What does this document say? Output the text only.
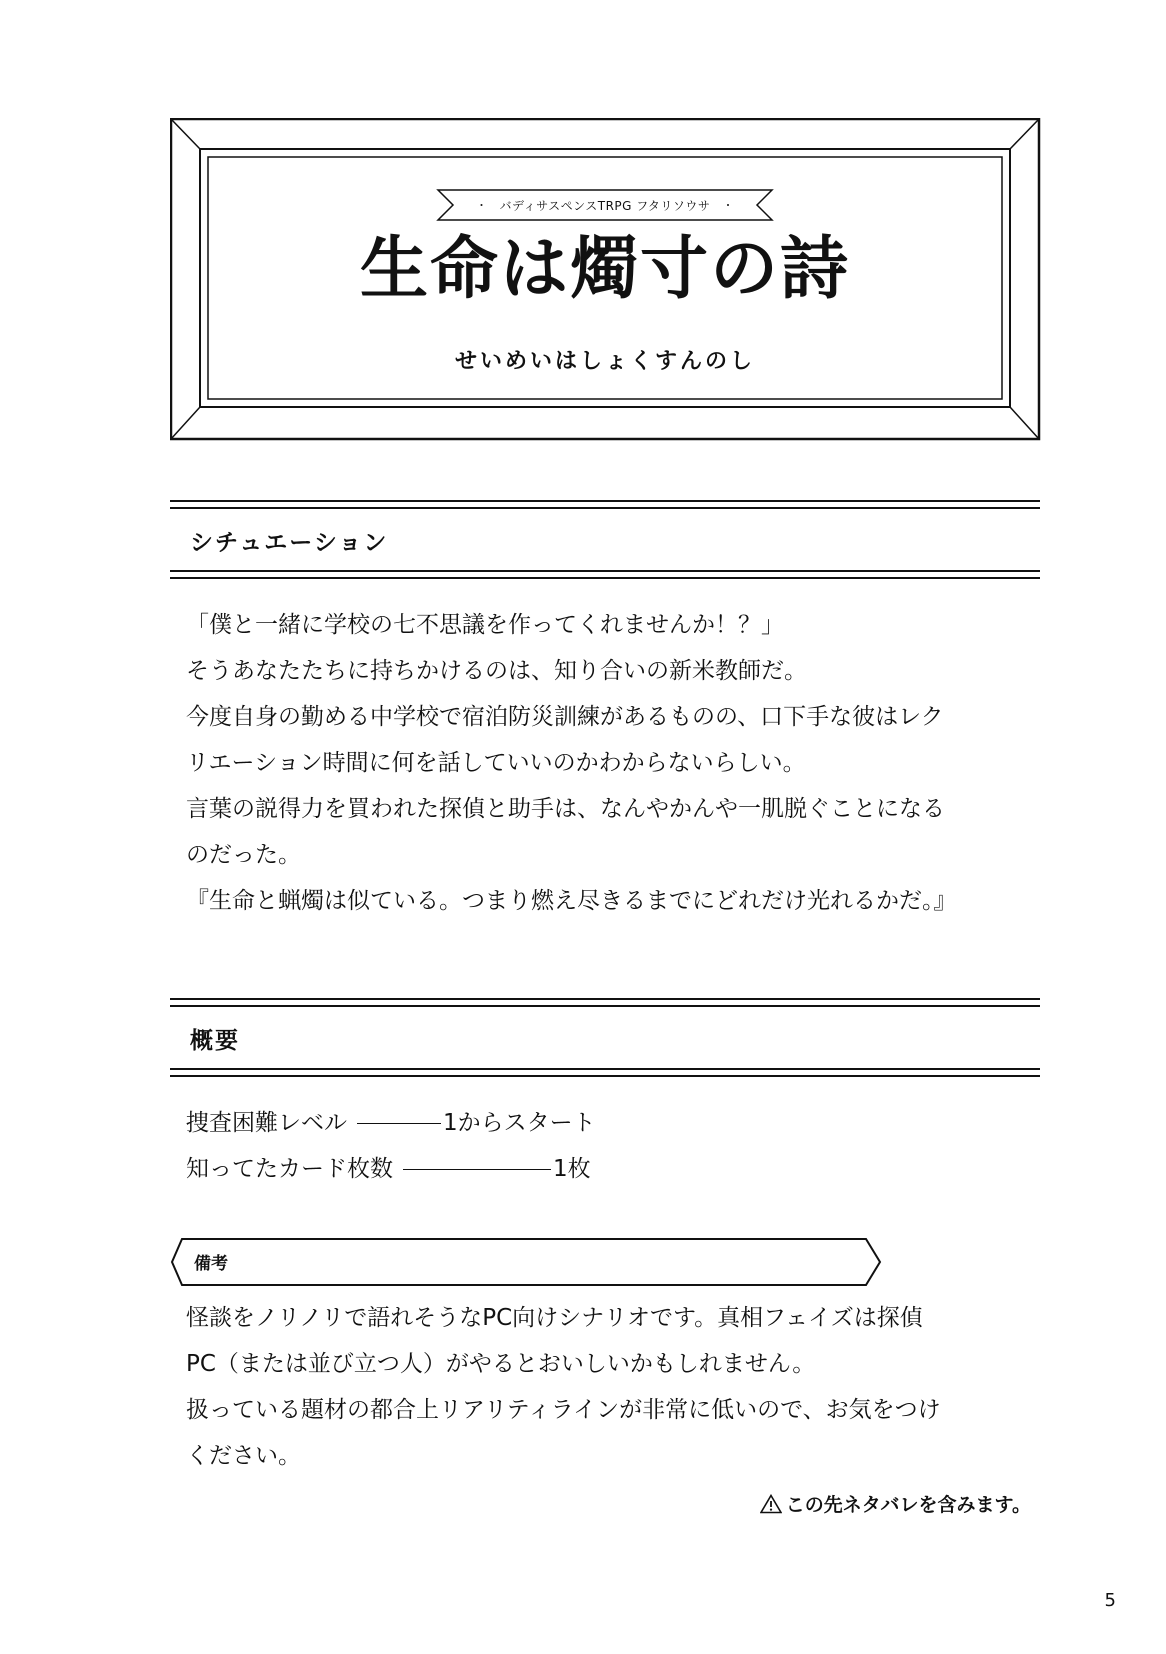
・ バディサスペンスTRPG フタリソウサ ・
生命は燭寸の詩
せいめいはしょくすんのし
シチュエーション

「僕と一緒に学校の七不思議を作ってくれませんか！？」

そうあなたたちに持ちかけるのは、知り合いの新米教師だ。

今度自身の勤める中学校で宿泊防災訓練があるものの、口下手な彼はレク

リエーション時間に何を話していいのかわからないらしい。

言葉の説得力を買われた探偵と助手は、なんやかんや一肌脱ぐことになる

のだった。

『生命と蝋燭は似ている。つまり燃え尽きるまでにどれだけ光れるかだ。』

概要
捜査困難レベル	1からスタート
知ってたカード枚数	1枚
備考

怪談をノリノリで語れそうなPC向けシナリオです。真相フェイズは探偵

PC（または並び立つ人）がやるとおいしいかもしれません。

扱っている題材の都合上リアリティラインが非常に低いので、お気をつけ

ください。

この先ネタバレを含みます。
5
